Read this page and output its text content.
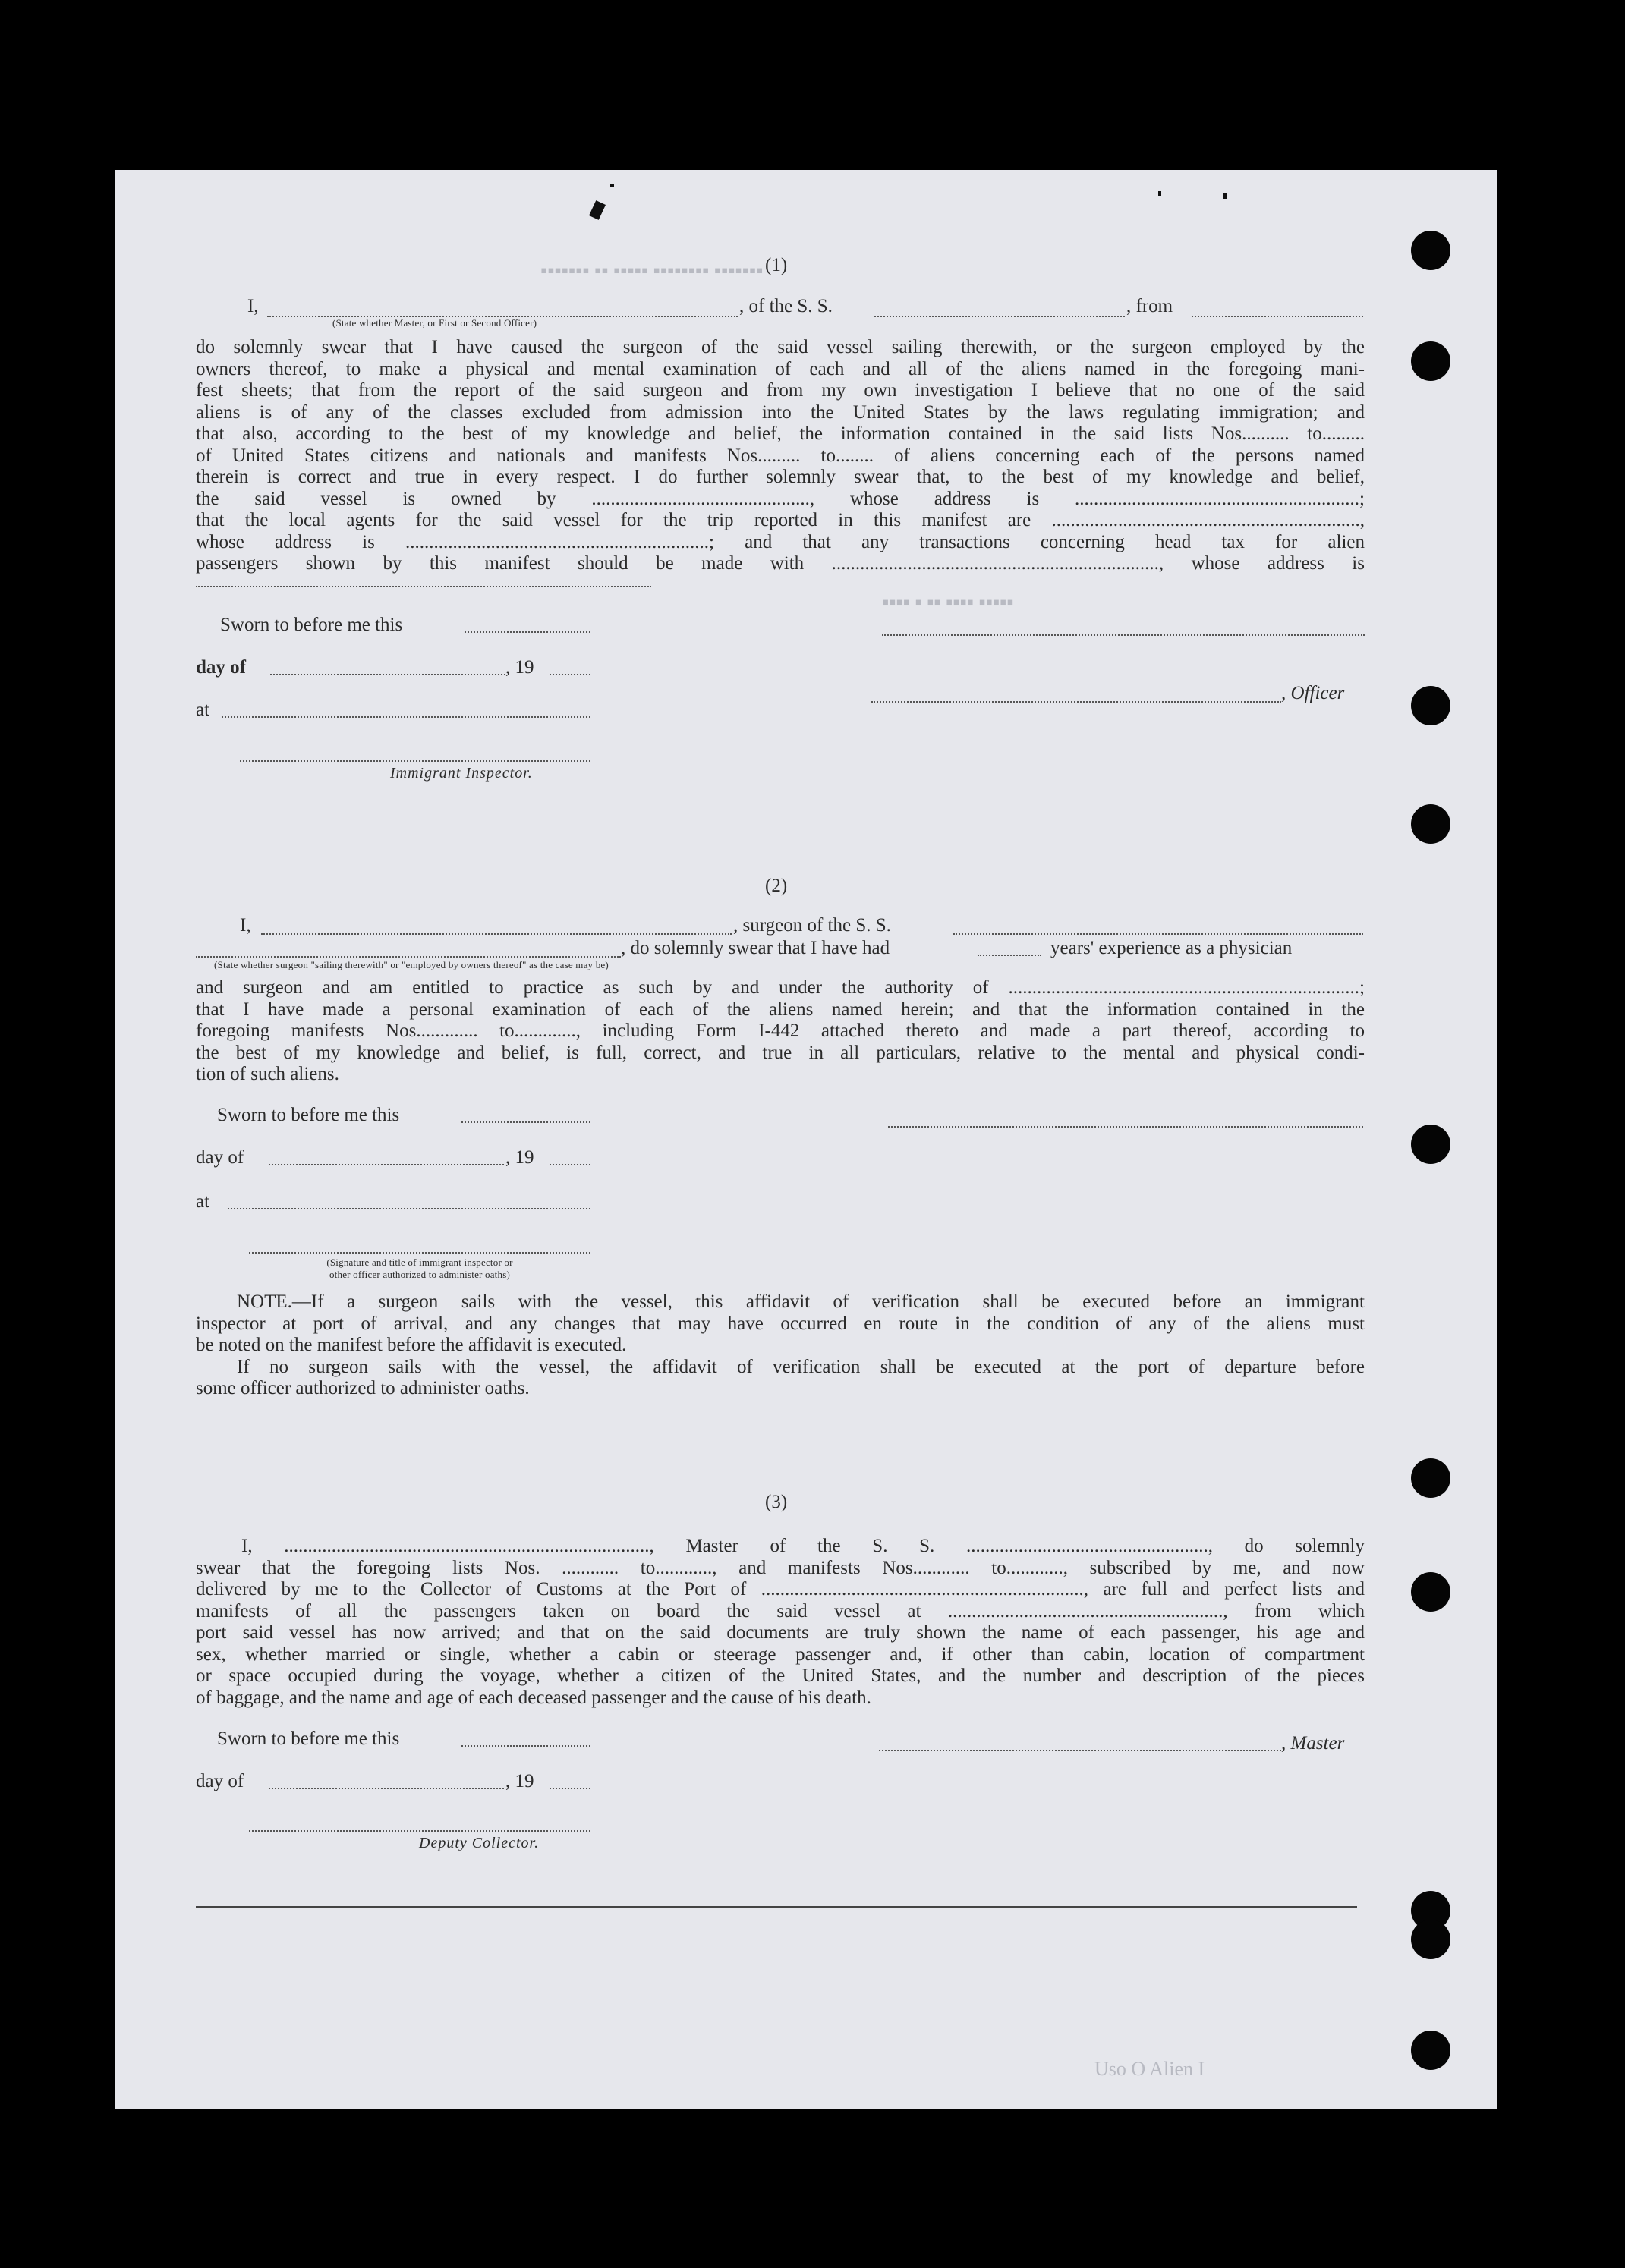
▪▪▪▪▪▪▪ ▪▪ ▪▪▪▪▪ ▪▪▪▪▪▪▪▪ ▪▪▪▪▪▪▪
▪▪▪▪ ▪ ▪▪ ▪▪▪▪ ▪▪▪▪▪
Uso O Alien I
(1)
I,
(State whether Master, or First or Second Officer)
, of the S. S.	, from
do solemnly swear that I have caused the surgeon of the said vessel sailing therewith, or the surgeon employed by the
owners thereof, to make a physical and mental examination of each and all of the aliens named in the foregoing mani-
fest sheets; that from the report of the said surgeon and from my own investigation I believe that no one of the said
aliens is of any of the classes excluded from admission into the United States by the laws regulating immigration; and
that also, according to the best of my knowledge and belief, the information contained in the said lists Nos.......... to.........
of United States citizens and nationals and manifests Nos......... to........ of aliens concerning each of the persons named
therein is correct and true in every respect. I do further solemnly swear that, to the best of my knowledge and belief,
the said vessel is owned by .............................................., whose address is ............................................................;
that the local agents for the said vessel for the trip reported in this manifest are .................................................................,
whose address is ................................................................; and that any transactions concerning head tax for alien
passengers shown by this manifest should be made with ....................................................................., whose address is
Sworn to before me this
day of	, 19
at
, Officer
Immigrant Inspector.
(2)
I,	, surgeon of the S. S.
(State whether surgeon "sailing therewith" or "employed by owners thereof" as the case may be)
, do solemnly swear that I have had	years' experience as a physician
and surgeon and am entitled to practice as such by and under the authority of ..........................................................................;
that I have made a personal examination of each of the aliens named herein; and that the information contained in the
foregoing manifests Nos............. to............., including Form I-442 attached thereto and made a part thereof, according to
the best of my knowledge and belief, is full, correct, and true in all particulars, relative to the mental and physical condi-
tion of such aliens.
Sworn to before me this
day of	, 19
at
(Signature and title of immigrant inspector or
other officer authorized to administer oaths)
NOTE.—If a surgeon sails with the vessel, this affidavit of verification shall be executed before an immigrant
inspector at port of arrival, and any changes that may have occurred en route in the condition of any of the aliens must
be noted on the manifest before the affidavit is executed.
If no surgeon sails with the vessel, the affidavit of verification shall be executed at the port of departure before
some officer authorized to administer oaths.
(3)
I, ............................................................................., Master of the S. S. ..................................................., do solemnly
swear that the foregoing lists Nos. ............ to............, and manifests Nos............ to............, subscribed by me, and now
delivered by me to the Collector of Customs at the Port of ...................................................................., are full and perfect lists and
manifests of all the passengers taken on board the said vessel at .........................................................., from which
port said vessel has now arrived; and that on the said documents are truly shown the name of each passenger, his age and
sex, whether married or single, whether a cabin or steerage passenger and, if other than cabin, location of compartment
or space occupied during the voyage, whether a citizen of the United States, and the number and description of the pieces
of baggage, and the name and age of each deceased passenger and the cause of his death.
Sworn to before me this	, Master
day of	, 19
Deputy Collector.
